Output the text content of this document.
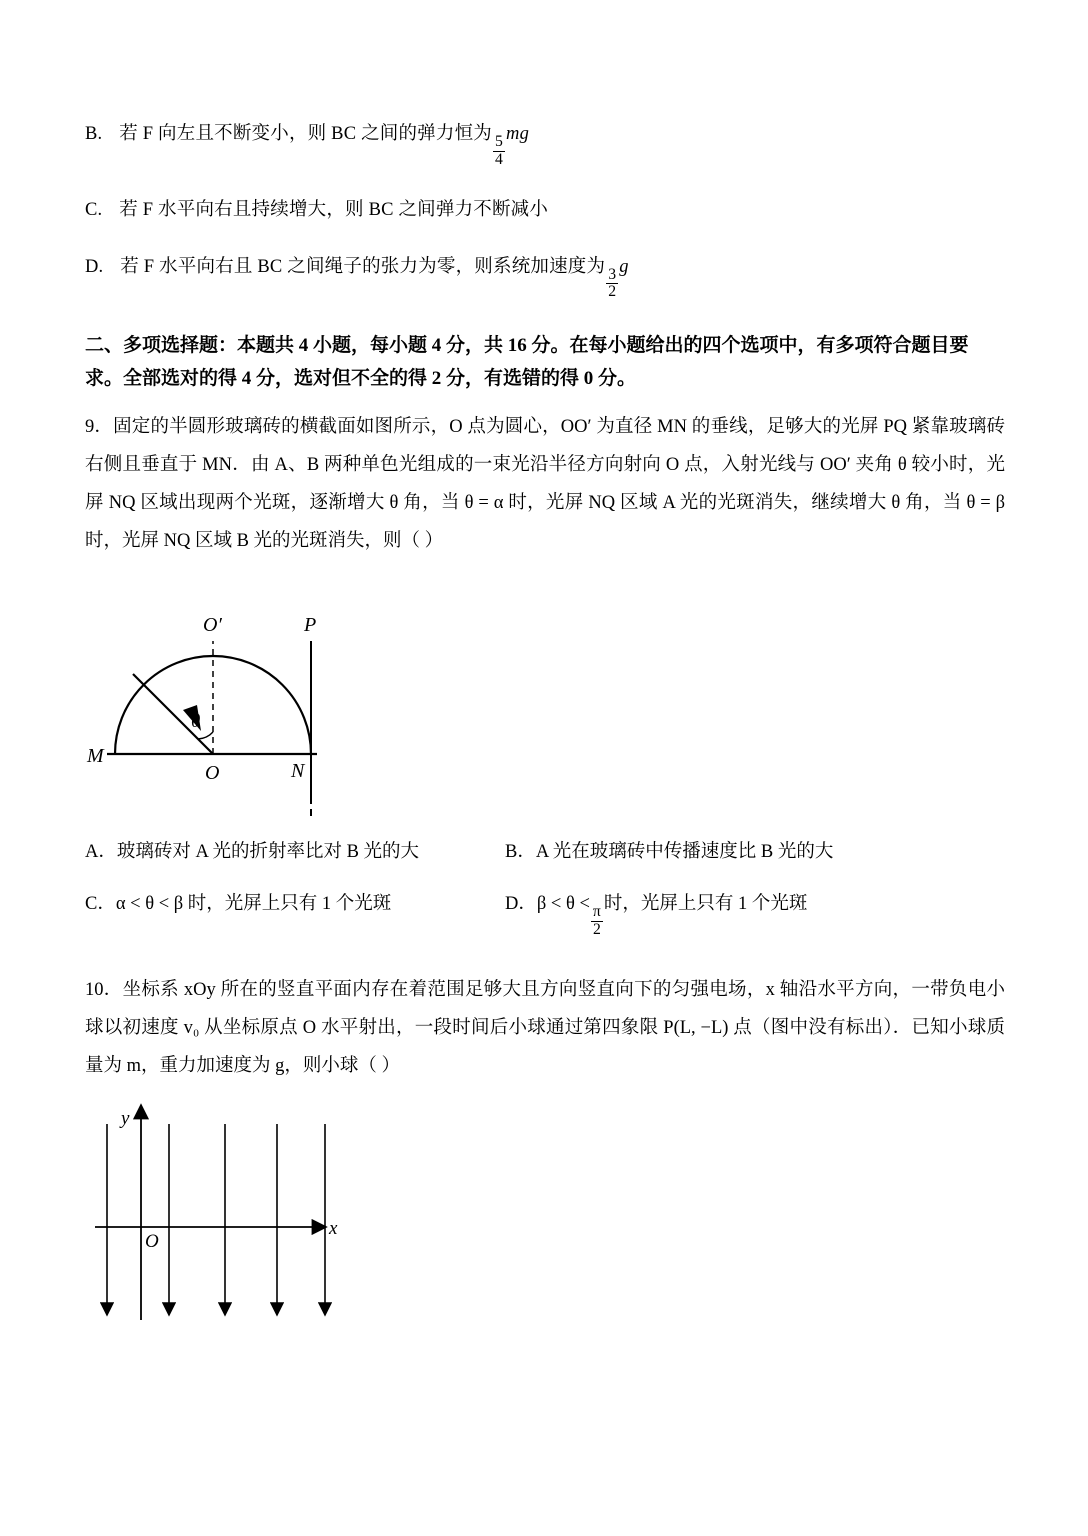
B. 若 F 向左且不断变小，则 BC 之间的弹力恒为
$\frac{5}{4}$
mg
C. 若 F 水平向右且持续增大，则 BC 之间弹力不断减小
D. 若 F 水平向右且 BC 之间绳子的张力为零，则系统加速度为
$\frac{3}{2}$
g
二、多项选择题：本题共 4 小题，每小题 4 分，共 16 分。在每小题给出的四个选项中，有多项符合题目要求。全部选对的得 4 分，选对但不全的得 2 分，有选错的得 0 分。
9．固定的半圆形玻璃砖的横截面如图所示，O 点为圆心，OO′ 为直径 MN 的垂线，足够大的光屏 PQ 紧靠玻璃砖右侧且垂直于 MN．由 A、B 两种单色光组成的一束光沿半径方向射向 O 点，入射光线与 OO′ 夹角 θ 较小时，光屏 NQ 区域出现两个光斑，逐渐增大 θ 角，当 θ = α 时，光屏 NQ 区域 A 光的光斑消失，继续增大 θ 角，当 θ = β 时，光屏 NQ 区域 B 光的光斑消失，则（ ）
O′	P
M
O	N
θ
A．玻璃砖对 A 光的折射率比对 B 光的大	B．A 光在玻璃砖中传播速度比 B 光的大
C．α < θ < β 时，光屏上只有 1 个光斑	D．β < θ <
$\frac{\pi}{2}$
时，光屏上只有 1 个光斑
10．坐标系 xOy 所在的竖直平面内存在着范围足够大且方向竖直向下的匀强电场，x 轴沿水平方向，一带负电小球以初速度 v₀ 从坐标原点 O 水平射出，一段时间后小球通过第四象限 P(L, −L) 点（图中没有标出）．已知小球质量为 m，重力加速度为 g，则小球（ ）
y
x
O
